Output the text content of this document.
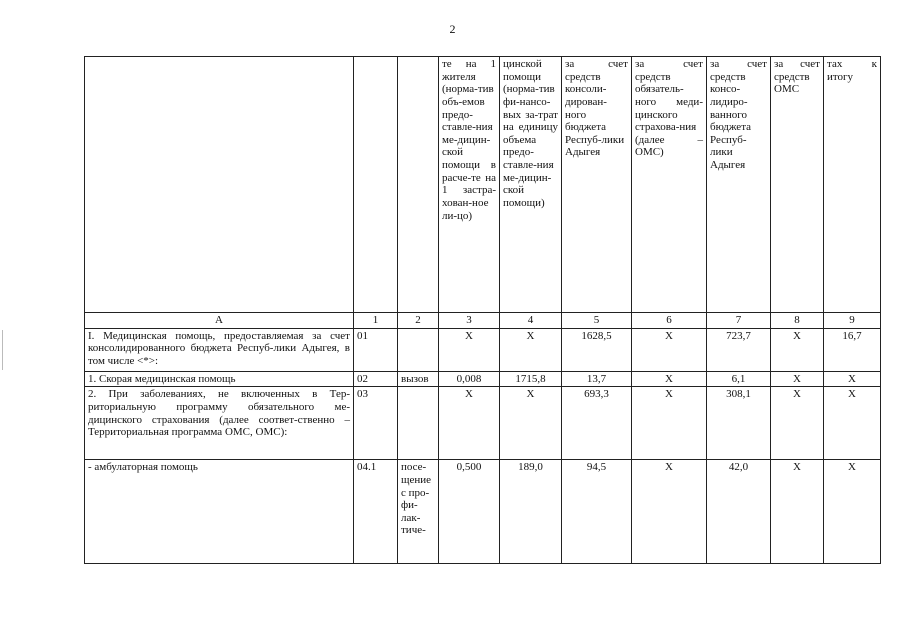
2
			те на 1 жителя (норма-тив объ-емов предо-ставле-ния ме-дицин-ской помощи в расче-те на 1 застра-хован-ное ли-цо)	цинской помощи (норма-тив фи-нансо-вых за-трат на единицу объема предо-ставле-ния ме-дицин-ской помощи)	за счет средств консоли-дирован-ного бюджета Респуб-лики Адыгея	за счет средств обязатель-ного меди-цинского страхова-ния (далее – ОМС)	за счет средств консо-лидиро-ванного бюджета Респуб-лики Адыгея	за счет средств ОМС	тах к итогу
А	1	2	3	4	5	6	7	8	9
I. Медицинская помощь, предоставляемая за счет консолидированного бюджета Респуб-лики Адыгея, в том числе <*>:	01		X	X	1628,5	X	723,7	X	16,7
1. Скорая медицинская помощь	02	вызов	0,008	1715,8	13,7	X	6,1	X	X
2. При заболеваниях, не включенных в Тер-риториальную программу обязательного ме-дицинского страхования (далее соответ-ственно – Территориальная программа ОМС, ОМС):	03		X	X	693,3	X	308,1	X	X
- амбулаторная помощь	04.1	посе-щение с про-фи-лак-тиче-	0,500	189,0	94,5	X	42,0	X	X
